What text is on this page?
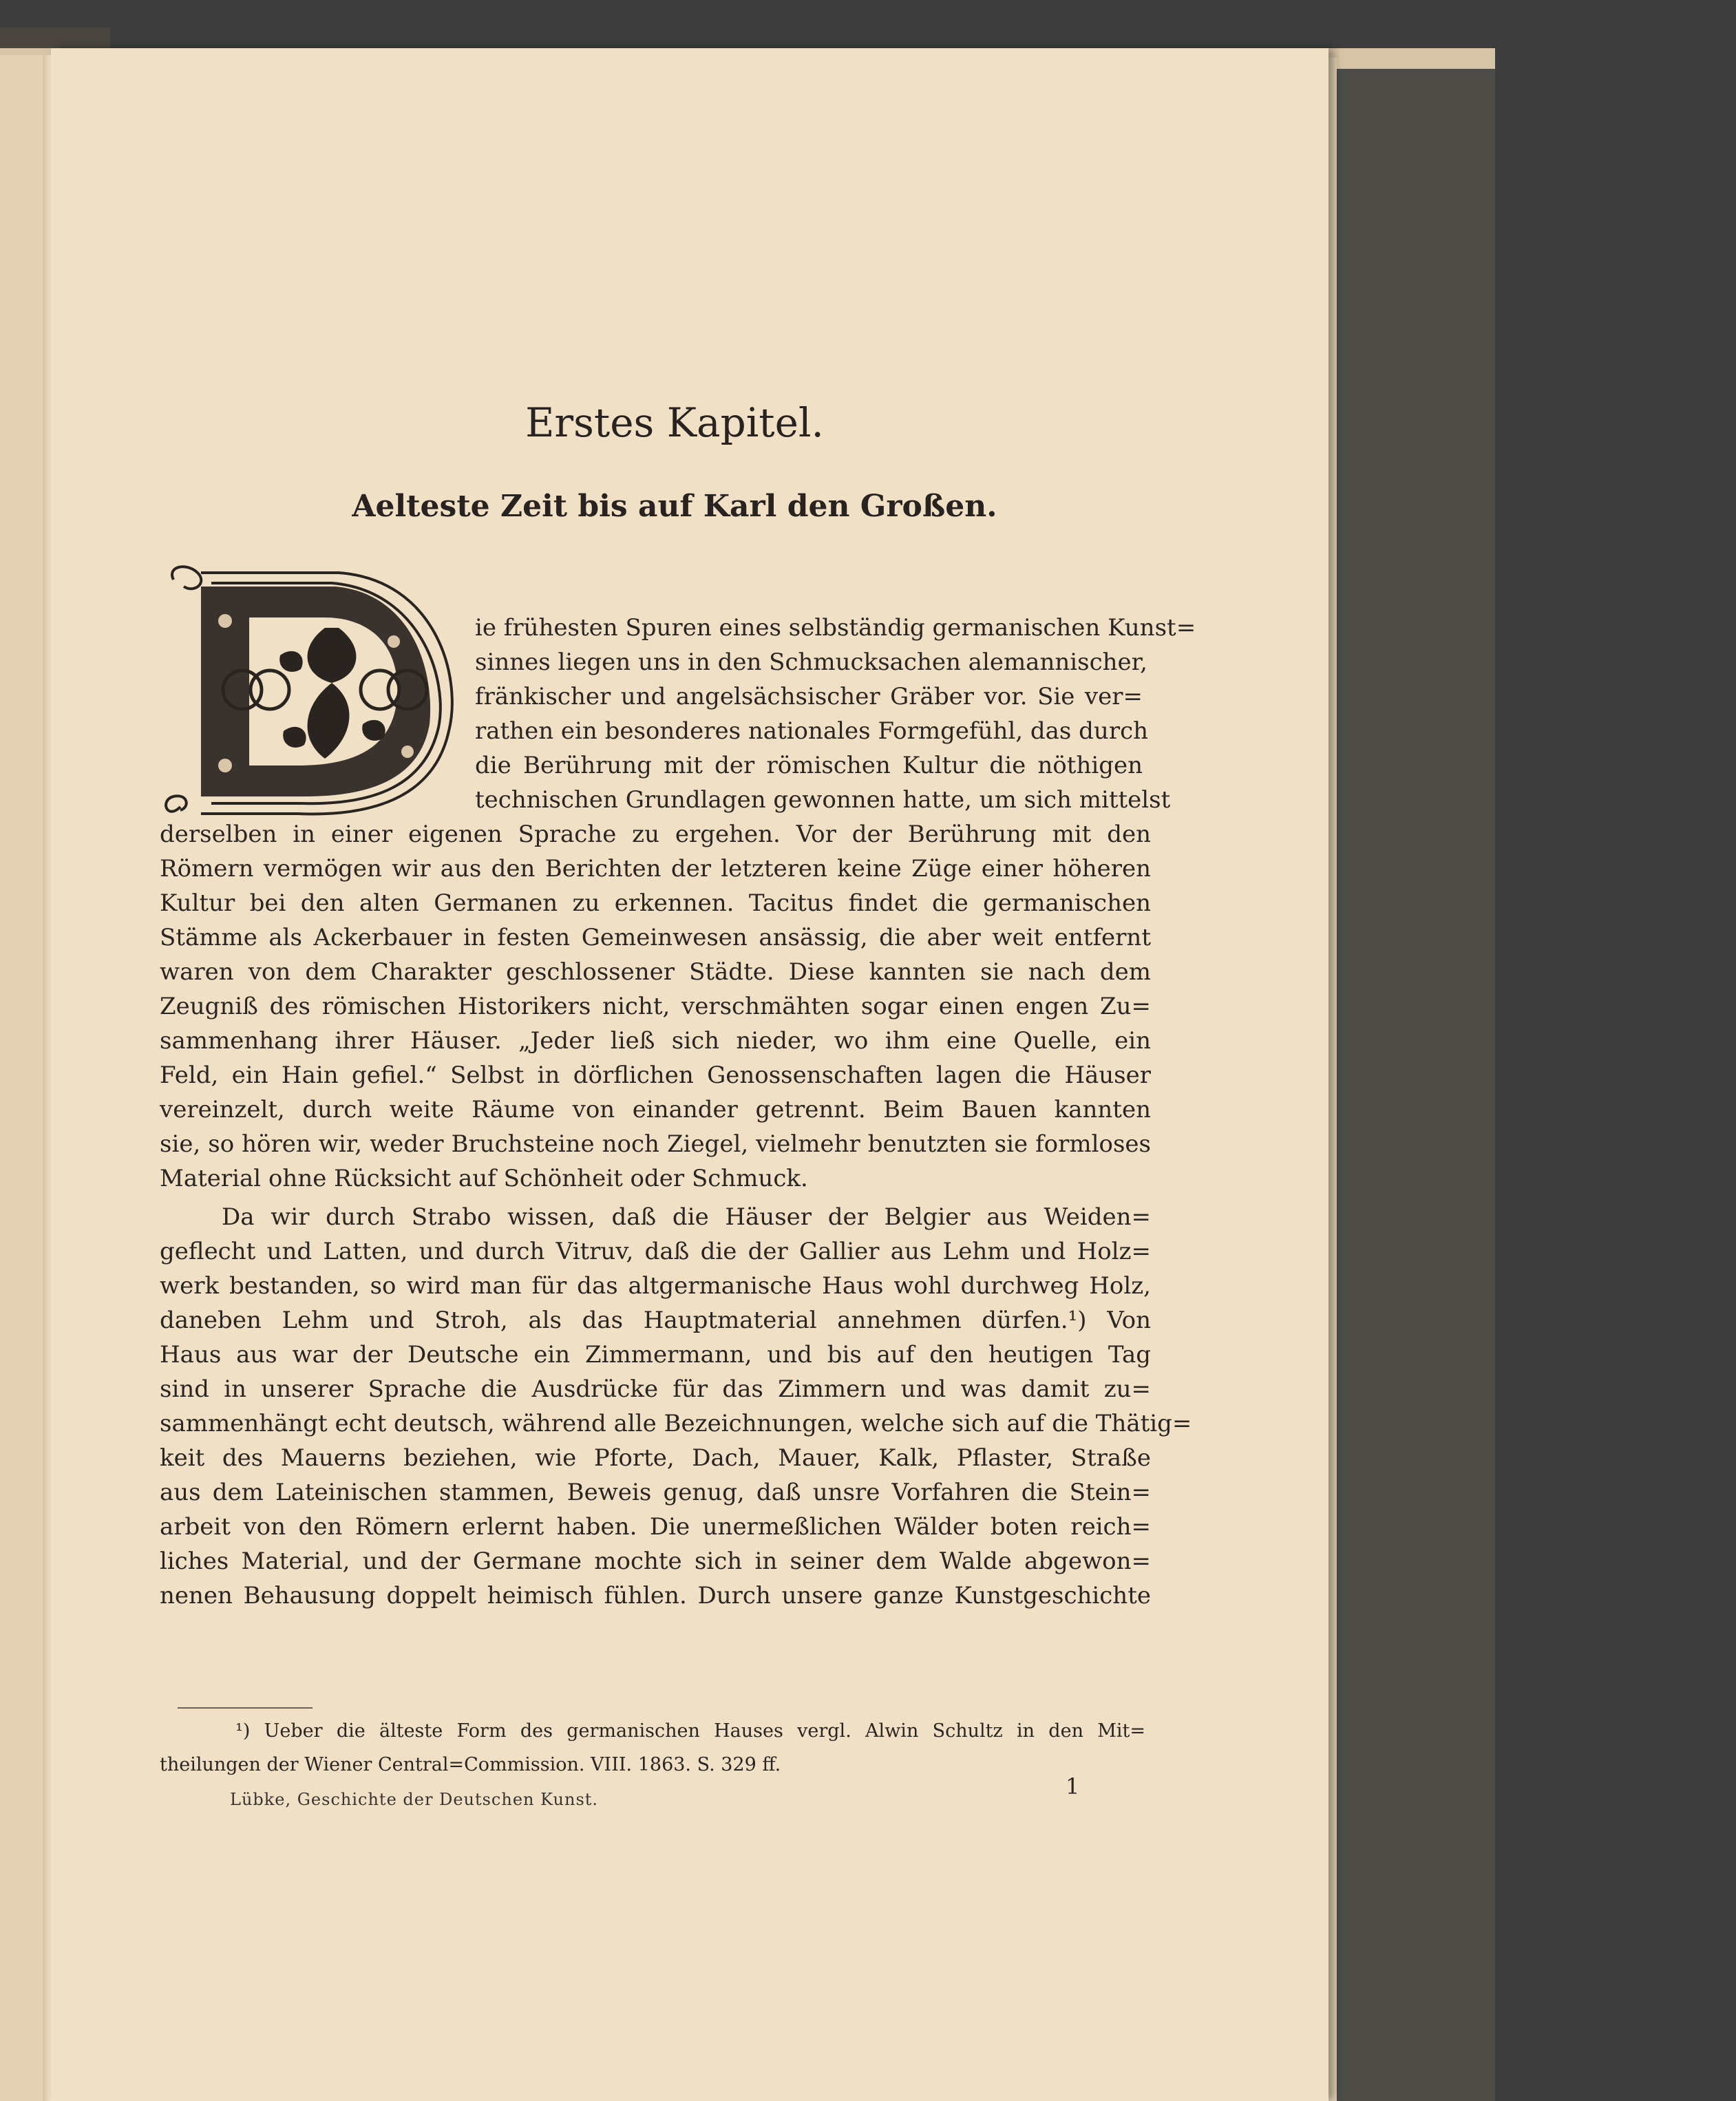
Erstes Kapitel.
Aelteste Zeit bis auf Karl den Großen.
ie frühesten Spuren eines selbständig germanischen Kunst=
sinnes liegen uns in den Schmucksachen alemannischer,
fränkischer und angelsächsischer Gräber vor. Sie ver=
rathen ein besonderes nationales Formgefühl, das durch
die Berührung mit der römischen Kultur die nöthigen
technischen Grundlagen gewonnen hatte, um sich mittelst
derselben in einer eigenen Sprache zu ergehen. Vor der Berührung mit den
Römern vermögen wir aus den Berichten der letzteren keine Züge einer höheren
Kultur bei den alten Germanen zu erkennen. Tacitus findet die germanischen
Stämme als Ackerbauer in festen Gemeinwesen ansässig, die aber weit entfernt
waren von dem Charakter geschlossener Städte. Diese kannten sie nach dem
Zeugniß des römischen Historikers nicht, verschmähten sogar einen engen Zu=
sammenhang ihrer Häuser. „Jeder ließ sich nieder, wo ihm eine Quelle, ein
Feld, ein Hain gefiel.“ Selbst in dörflichen Genossenschaften lagen die Häuser
vereinzelt, durch weite Räume von einander getrennt. Beim Bauen kannten
sie, so hören wir, weder Bruchsteine noch Ziegel, vielmehr benutzten sie formloses
Material ohne Rücksicht auf Schönheit oder Schmuck.
Da wir durch Strabo wissen, daß die Häuser der Belgier aus Weiden=
geflecht und Latten, und durch Vitruv, daß die der Gallier aus Lehm und Holz=
werk bestanden, so wird man für das altgermanische Haus wohl durchweg Holz,
daneben Lehm und Stroh, als das Hauptmaterial annehmen dürfen.¹) Von
Haus aus war der Deutsche ein Zimmermann, und bis auf den heutigen Tag
sind in unserer Sprache die Ausdrücke für das Zimmern und was damit zu=
sammenhängt echt deutsch, während alle Bezeichnungen, welche sich auf die Thätig=
keit des Mauerns beziehen, wie Pforte, Dach, Mauer, Kalk, Pflaster, Straße
aus dem Lateinischen stammen, Beweis genug, daß unsre Vorfahren die Stein=
arbeit von den Römern erlernt haben. Die unermeßlichen Wälder boten reich=
liches Material, und der Germane mochte sich in seiner dem Walde abgewon=
nenen Behausung doppelt heimisch fühlen. Durch unsere ganze Kunstgeschichte
¹) Ueber die älteste Form des germanischen Hauses vergl. Alwin Schultz in den Mit=
theilungen der Wiener Central=Commission. VIII. 1863. S. 329 ff.
Lübke, Geschichte der Deutschen Kunst.	1
